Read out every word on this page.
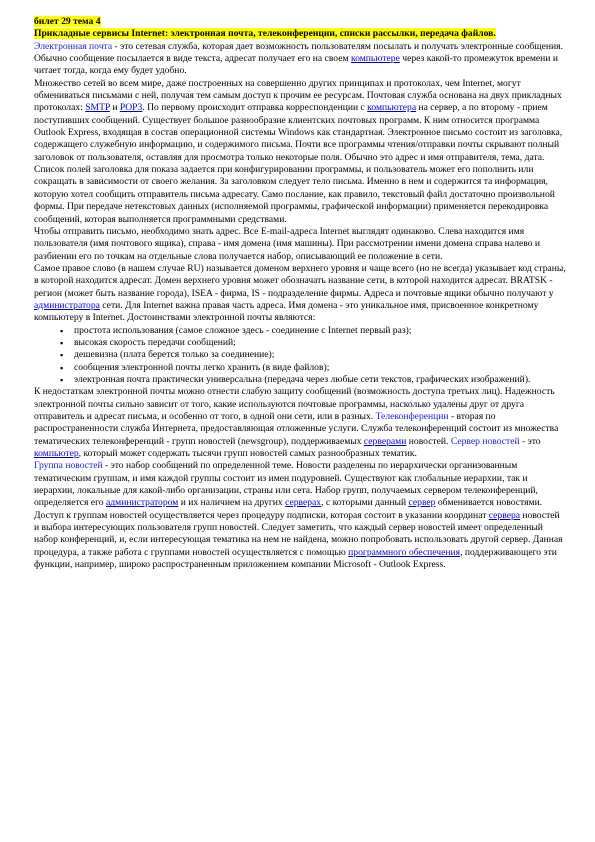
билет 29 тема 4

Прикладные сервисы Internet: электронная почта, телеконференции, списки рассылки, передача файлов.

Электронная почта - это сетевая служба, которая дает возможность пользователям посылать и получать электронные сообщения. Обычно сообщение посылается в виде текста, адресат получает его на своем компьютере через какой-то промежуток времени и читает тогда, когда ему будет удобно.

Множество сетей во всем мире, даже построенных на совершенно других принципах и протоколах, чем Internet, могут обмениваться письмами с ней, получая тем самым доступ к прочим ее ресурсам. Почтовая служба основана на двух прикладных протоколах: SMTP и POP3. По первому происходит отправка корреспонденции с компьютера на сервер, а по второму - прием поступивших сообщений. Существует большое разнообразие клиентских почтовых программ. К ним относится программа Outlook Express, входящая в состав операционной системы Windows как стандартная. Электронное письмо состоит из заголовка, содержащего служебную информацию, и содержимого письма. Почти все программы чтения/отправки почты скрывают полный заголовок от пользователя, оставляя для просмотра только некоторые поля. Обычно это адрес и имя отправителя, тема, дата. Список полей заголовка для показа задается при конфигурировании программы, и пользователь может его пополнить или сокращать в зависимости от своего желания. За заголовком следует тело письма. Именно в нем и содержится та информация, которую хотел сообщить отправитель письма адресату. Само послание, как правило, текстовый файл достаточно произвольной формы. При передаче нетекстовых данных (исполняемой программы, графической информации) применяется перекодировка сообщений, которая выполняется программными средствами.

Чтобы отправить письмо, необходимо знать адрес. Все E-mail-адреса Internet выглядят одинаково. Слева находится имя пользователя (имя почтового ящика), справа - имя домена (имя машины). При рассмотрении имени домена справа налево и разбиении его по точкам на отдельные слова получается набор, описывающий ее положение в сети.

Самое правое слово (в нашем случае RU) называется доменом верхнего уровня и чаще всего (но не всегда) указывает код страны, в которой находится адресат. Домен верхнего уровня может обозначать название сети, в которой находится адресат. BRATSK - регион (может быть название города), ISEA - фирма, IS - подразделение фирмы. Адреса и почтовые ящики обычно получают у администратора сети. Для Internet важна правая часть адреса. Имя домена - это уникальное имя, присвоенное конкретному компьютеру в Internet. Достоинствами электронной почты являются:

▪ простота использования (самое сложное здесь - соединение с Internet первый раз);
▪ высокая скорость передачи сообщений;
▪ дешевизна (плата берется только за соединение);
▪ сообщения электронной почты легко хранить (в виде файлов);
▪ электронная почта практически универсальна (передача через любые сети текстов, графических изображений).

К недостаткам электронной почты можно отнести слабую защиту сообщений (возможность доступа третьих лиц). Надежность электронной почты сильно зависит от того, какие используются почтовые программы, насколько удалены друг от друга отправитель и адресат письма, и особенно от того, в одной они сети, или в разных. Телеконференции - вторая по распространенности служба Интернета, предоставляющая отложенные услуги. Служба телеконференций состоит из множества тематических телеконференций - групп новостей (newsgroup), поддерживаемых серверами новостей. Сервер новостей - это компьютер, который может содержать тысячи групп новостей самых разнообразных тематик.

Группа новостей - это набор сообщений по определенной теме. Новости разделены по иерархически организованным тематическим группам, и имя каждой группы состоит из имен подуровней. Существуют как глобальные иерархии, так и иерархии, локальные для какой-либо организации, страны или сета. Набор групп, получаемых сервером телеконференций, определяется его администратором и их наличием на других серверах, с которыми данный сервер обменивается новостями.

Доступ к группам новостей осуществляется через процедуру подписки, которая состоит в указании координат сервера новостей и выбора интересующих пользователя групп новостей. Следует заметить, что каждый сервер новостей имеет определенный набор конференций, и, если интересующая тематика на нем не найдена, можно попробовать использовать другой сервер. Данная процедура, а также работа с группами новостей осуществляется с помощью программного обеспечения, поддерживающего эти функции, например, широко распространенным приложением компании Microsoft - Outlook Express.
